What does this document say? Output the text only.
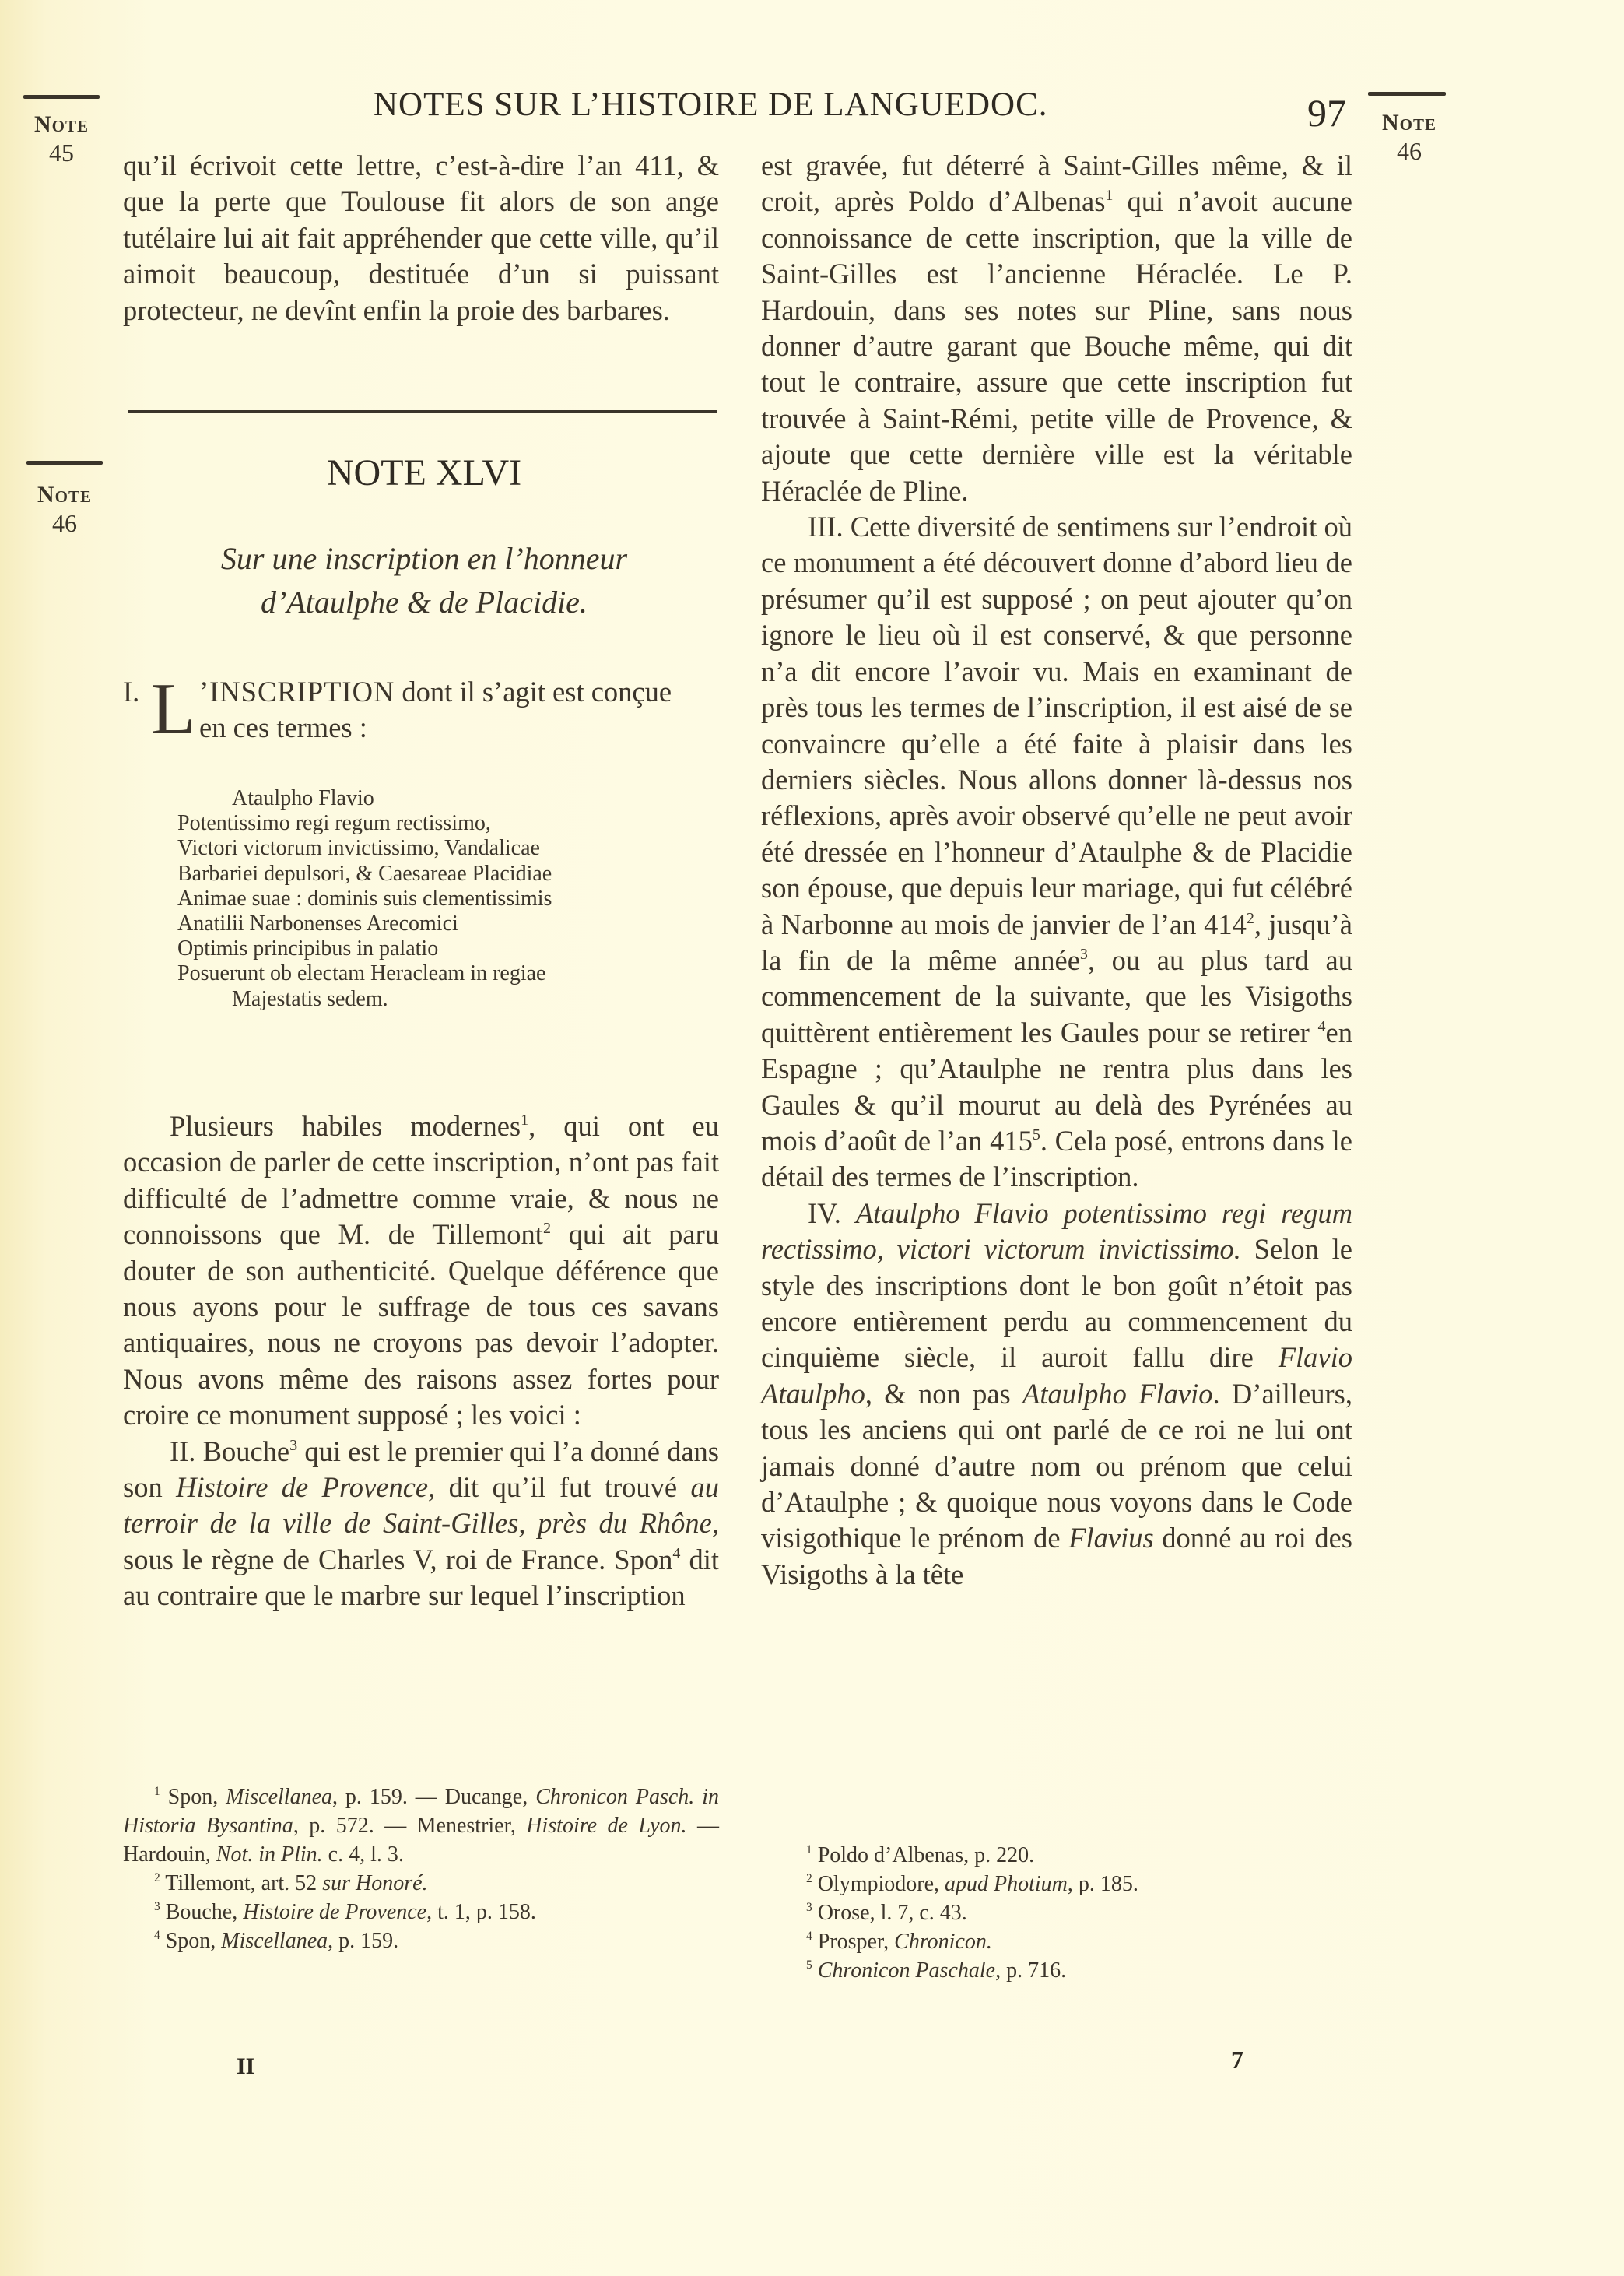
NOTES SUR L’HISTOIRE DE LANGUEDOC.	97
Note
45
Note
46
Note
46

qu’il écrivoit cette lettre, c’est-à-dire l’an 411, & que la perte que Toulouse fit alors de son ange tutélaire lui ait fait appréhender que cette ville, qu’il aimoit beaucoup, destituée d’un si puissant protecteur, ne devînt enfin la proie des barbares.

NOTE XLVI
Sur une inscription en l’honneur
d’Ataulphe & de Placidie.
I. L ’INSCRIPTION dont il s’agit est conçue
en ces termes :
Ataulpho Flavio
Potentissimo regi regum rectissimo,
Victori victorum invictissimo, Vandalicae
Barbariei depulsori, & Caesareae Placidiae
Animae suae : dominis suis clementissimis
Anatilii Narbonenses Arecomici
Optimis principibus in palatio
Posuerunt ob electam Heracleam in regiae
Majestatis sedem.

Plusieurs habiles modernes$^1$, qui ont eu occasion de parler de cette inscription, n’ont pas fait difficulté de l’admettre comme vraie, & nous ne connoissons que M. de Tillemont$^2$ qui ait paru douter de son authenticité. Quelque déférence que nous ayons pour le suffrage de tous ces savans antiquaires, nous ne croyons pas devoir l’adopter. Nous avons même des raisons assez fortes pour croire ce monument supposé ; les voici :

II. Bouche$^3$ qui est le premier qui l’a donné dans son Histoire de Provence, dit qu’il fut trouvé au terroir de la ville de Saint-Gilles, près du Rhône, sous le règne de Charles V, roi de France. Spon$^4$ dit au contraire que le marbre sur lequel l’inscription

$^1$ Spon, Miscellanea, p. 159. — Ducange, Chronicon Pasch. in Historia Bysantina, p. 572. — Menestrier, Histoire de Lyon. — Hardouin, Not. in Plin. c. 4, l. 3.
$^2$ Tillemont, art. 52 sur Honoré.
$^3$ Bouche, Histoire de Provence, t. 1, p. 158.
$^4$ Spon, Miscellanea, p. 159.
II

est gravée, fut déterré à Saint-Gilles même, & il croit, après Poldo d’Albenas$^1$ qui n’avoit aucune connoissance de cette inscription, que la ville de Saint-Gilles est l’ancienne Héraclée. Le P. Hardouin, dans ses notes sur Pline, sans nous donner d’autre garant que Bouche même, qui dit tout le contraire, assure que cette inscription fut trouvée à Saint-Rémi, petite ville de Provence, & ajoute que cette dernière ville est la véritable Héraclée de Pline.

III. Cette diversité de sentimens sur l’endroit où ce monument a été découvert donne d’abord lieu de présumer qu’il est supposé ; on peut ajouter qu’on ignore le lieu où il est conservé, & que personne n’a dit encore l’avoir vu. Mais en examinant de près tous les termes de l’inscription, il est aisé de se convaincre qu’elle a été faite à plaisir dans les derniers siècles. Nous allons donner là-dessus nos réflexions, après avoir observé qu’elle ne peut avoir été dressée en l’honneur d’Ataulphe & de Placidie son épouse, que depuis leur mariage, qui fut célébré à Narbonne au mois de janvier de l’an $414^2$, jusqu’à la fin de la même année$^3$, ou au plus tard au commencement de la suivante, que les Visigoths quittèrent entièrement les Gaules pour se retirer $^4$en Espagne ; qu’Ataulphe ne rentra plus dans les Gaules & qu’il mourut au delà des Pyrénées au mois d’août de l’an $415^5$. Cela posé, entrons dans le détail des termes de l’inscription.

IV. Ataulpho Flavio potentissimo regi regum rectissimo, victori victorum invictissimo. Selon le style des inscriptions dont le bon goût n’étoit pas encore entièrement perdu au commencement du cinquième siècle, il auroit fallu dire Flavio Ataulpho, & non pas Ataulpho Flavio. D’ailleurs, tous les anciens qui ont parlé de ce roi ne lui ont jamais donné d’autre nom ou prénom que celui d’Ataulphe ; & quoique nous voyons dans le Code visigothique le prénom de Flavius donné au roi des Visigoths à la tête

$^1$ Poldo d’Albenas, p. 220.
$^2$ Olympiodore, apud Photium, p. 185.
$^3$ Orose, l. 7, c. 43.
$^4$ Prosper, Chronicon.
$^5$ Chronicon Paschale, p. 716.
7
